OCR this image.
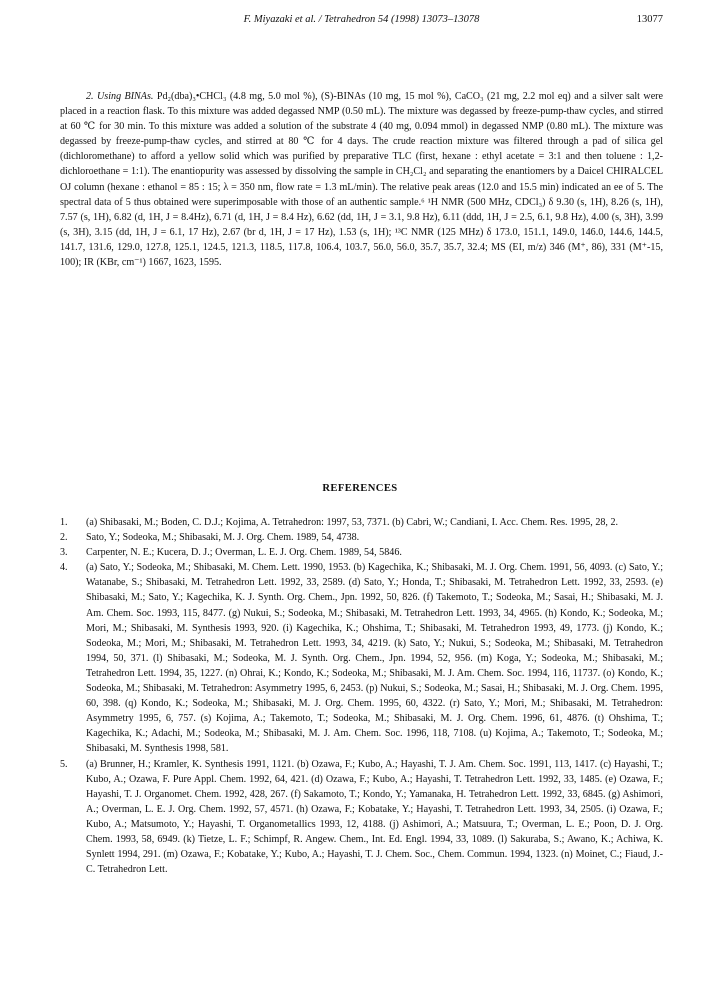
F. Miyazaki et al. / Tetrahedron 54 (1998) 13073–13078	13077
2. Using BINAs. Pd₂(dba)₃•CHCl₃ (4.8 mg, 5.0 mol %), (S)-BINAs (10 mg, 15 mol %), CaCO₃ (21 mg, 2.2 mol eq) and a silver salt were placed in a reaction flask. To this mixture was added degassed NMP (0.50 mL). The mixture was degassed by freeze-pump-thaw cycles, and stirred at 60 ℃ for 30 min. To this mixture was added a solution of the substrate 4 (40 mg, 0.094 mmol) in degassed NMP (0.80 mL). The mixture was degassed by freeze-pump-thaw cycles, and stirred at 80 ℃ for 4 days. The crude reaction mixture was filtered through a pad of silica gel (dichloromethane) to afford a yellow solid which was purified by preparative TLC (first, hexane : ethyl acetate = 3:1 and then toluene : 1,2-dichloroethane = 1:1). The enantiopurity was assessed by dissolving the sample in CH₂Cl₂ and separating the enantiomers by a Daicel CHIRALCEL OJ column (hexane : ethanol = 85 : 15; λ = 350 nm, flow rate = 1.3 mL/min). The relative peak areas (12.0 and 15.5 min) indicated an ee of 5. The spectral data of 5 thus obtained were superimposable with those of an authentic sample.⁶ ¹H NMR (500 MHz, CDCl₃) δ 9.30 (s, 1H), 8.26 (s, 1H), 7.57 (s, 1H), 6.82 (d, 1H, J = 8.4Hz), 6.71 (d, 1H, J = 8.4 Hz), 6.62 (dd, 1H, J = 3.1, 9.8 Hz), 6.11 (ddd, 1H, J = 2.5, 6.1, 9.8 Hz), 4.00 (s, 3H), 3.99 (s, 3H), 3.15 (dd, 1H, J = 6.1, 17 Hz), 2.67 (br d, 1H, J = 17 Hz), 1.53 (s, 1H); ¹³C NMR (125 MHz) δ 173.0, 151.1, 149.0, 146.0, 144.6, 144.5, 141.7, 131.6, 129.0, 127.8, 125.1, 124.5, 121.3, 118.5, 117.8, 106.4, 103.7, 56.0, 56.0, 35.7, 35.7, 32.4; MS (EI, m/z) 346 (M⁺, 86), 331 (M⁺-15, 100); IR (KBr, cm⁻¹) 1667, 1623, 1595.
REFERENCES
1. (a) Shibasaki, M.; Boden, C. D.J.; Kojima, A. Tetrahedron: 1997, 53, 7371. (b) Cabri, W.; Candiani, I. Acc. Chem. Res. 1995, 28, 2.
2. Sato, Y.; Sodeoka, M.; Shibasaki, M. J. Org. Chem. 1989, 54, 4738.
3. Carpenter, N. E.; Kucera, D. J.; Overman, L. E. J. Org. Chem. 1989, 54, 5846.
4. (a) Sato, Y.; Sodeoka, M.; Shibasaki, M. Chem. Lett. 1990, 1953. (b) Kagechika, K.; Shibasaki, M. J. Org. Chem. 1991, 56, 4093. (c) Sato, Y.; Watanabe, S.; Shibasaki, M. Tetrahedron Lett. 1992, 33, 2589. (d) Sato, Y.; Honda, T.; Shibasaki, M. Tetrahedron Lett. 1992, 33, 2593. (e) Shibasaki, M.; Sato, Y.; Kagechika, K. J. Synth. Org. Chem., Jpn. 1992, 50, 826. (f) Takemoto, T.; Sodeoka, M.; Sasai, H.; Shibasaki, M. J. Am. Chem. Soc. 1993, 115, 8477. (g) Nukui, S.; Sodeoka, M.; Shibasaki, M. Tetrahedron Lett. 1993, 34, 4965. (h) Kondo, K.; Sodeoka, M.; Mori, M.; Shibasaki, M. Synthesis 1993, 920. (i) Kagechika, K.; Ohshima, T.; Shibasaki, M. Tetrahedron 1993, 49, 1773. (j) Kondo, K.; Sodeoka, M.; Mori, M.; Shibasaki, M. Tetrahedron Lett. 1993, 34, 4219. (k) Sato, Y.; Nukui, S.; Sodeoka, M.; Shibasaki, M. Tetrahedron 1994, 50, 371. (l) Shibasaki, M.; Sodeoka, M. J. Synth. Org. Chem., Jpn. 1994, 52, 956. (m) Koga, Y.; Sodeoka, M.; Shibasaki, M.; Tetrahedron Lett. 1994, 35, 1227. (n) Ohrai, K.; Kondo, K.; Sodeoka, M.; Shibasaki, M. J. Am. Chem. Soc. 1994, 116, 11737. (o) Kondo, K.; Sodeoka, M.; Shibasaki, M. Tetrahedron: Asymmetry 1995, 6, 2453. (p) Nukui, S.; Sodeoka, M.; Sasai, H.; Shibasaki, M. J. Org. Chem. 1995, 60, 398. (q) Kondo, K.; Sodeoka, M.; Shibasaki, M. J. Org. Chem. 1995, 60, 4322. (r) Sato, Y.; Mori, M.; Shibasaki, M. Tetrahedron: Asymmetry 1995, 6, 757. (s) Kojima, A.; Takemoto, T.; Sodeoka, M.; Shibasaki, M. J. Org. Chem. 1996, 61, 4876. (t) Ohshima, T.; Kagechika, K.; Adachi, M.; Sodeoka, M.; Shibasaki, M. J. Am. Chem. Soc. 1996, 118, 7108. (u) Kojima, A.; Takemoto, T.; Sodeoka, M.; Shibasaki, M. Synthesis 1998, 581.
5. (a) Brunner, H.; Kramler, K. Synthesis 1991, 1121. (b) Ozawa, F.; Kubo, A.; Hayashi, T. J. Am. Chem. Soc. 1991, 113, 1417. (c) Hayashi, T.; Kubo, A.; Ozawa, F. Pure Appl. Chem. 1992, 64, 421. (d) Ozawa, F.; Kubo, A.; Hayashi, T. Tetrahedron Lett. 1992, 33, 1485. (e) Ozawa, F.; Hayashi, T. J. Organomet. Chem. 1992, 428, 267. (f) Sakamoto, T.; Kondo, Y.; Yamanaka, H. Tetrahedron Lett. 1992, 33, 6845. (g) Ashimori, A.; Overman, L. E. J. Org. Chem. 1992, 57, 4571. (h) Ozawa, F.; Kobatake, Y.; Hayashi, T. Tetrahedron Lett. 1993, 34, 2505. (i) Ozawa, F.; Kubo, A.; Matsumoto, Y.; Hayashi, T. Organometallics 1993, 12, 4188. (j) Ashimori, A.; Matsuura, T.; Overman, L. E.; Poon, D. J. Org. Chem. 1993, 58, 6949. (k) Tietze, L. F.; Schimpf, R. Angew. Chem., Int. Ed. Engl. 1994, 33, 1089. (l) Sakuraba, S.; Awano, K.; Achiwa, K. Synlett 1994, 291. (m) Ozawa, F.; Kobatake, Y.; Kubo, A.; Hayashi, T. J. Chem. Soc., Chem. Commun. 1994, 1323. (n) Moinet, C.; Fiaud, J.-C. Tetrahedron Lett.
